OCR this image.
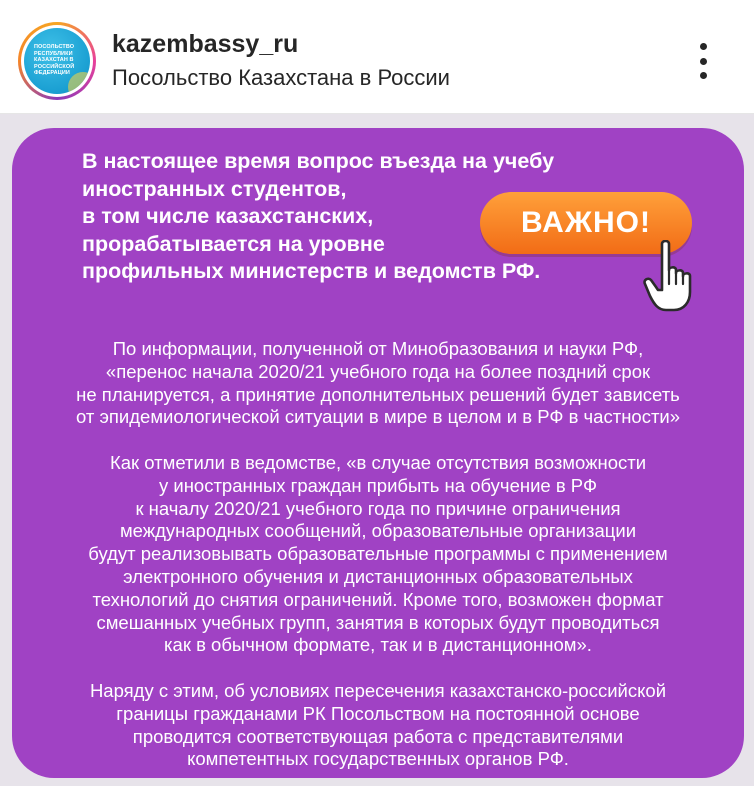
ПОСОЛЬСТВО РЕСПУБЛИКИ КАЗАХСТАН В РОССИЙСКОЙ ФЕДЕРАЦИИ
kazembassy_ru
Посольство Казахстана в России
В настоящее время вопрос въезда на учебу
иностранных студентов,
в том числе казахстанских,
прорабатывается на уровне
профильных министерств и ведомств РФ.
ВАЖНО!
По информации, полученной от Минобразования и науки РФ,
«перенос начала 2020/21 учебного года на более поздний срок
не планируется, а принятие дополнительных решений будет зависеть
от эпидемиологической ситуации в мире в целом и в РФ в частности»
Как отметили в ведомстве, «в случае отсутствия возможности
у иностранных граждан прибыть на обучение в РФ
к началу 2020/21 учебного года по причине ограничения
международных сообщений, образовательные организации
будут реализовывать образовательные программы с применением
электронного обучения и дистанционных образовательных
технологий до снятия ограничений. Кроме того, возможен формат
смешанных учебных групп, занятия в которых будут проводиться
как в обычном формате, так и в дистанционном».
Наряду с этим, об условиях пересечения казахстанско-российской
границы гражданами РК Посольством на постоянной основе
проводится соответствующая работа с представителями
компетентных государственных органов РФ.
